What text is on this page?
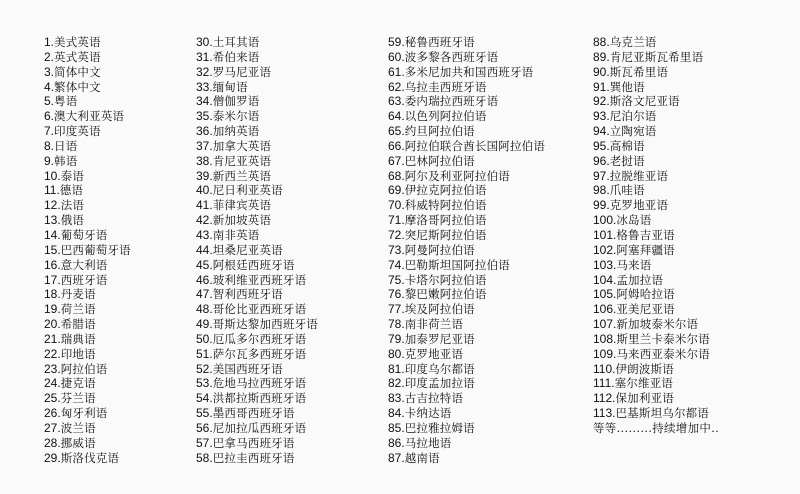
1.美式英语
2.英式英语
3.简体中文
4.繁体中文
5.粤语
6.澳大利亚英语
7.印度英语
8.日语
9.韩语
10.泰语
11.德语
12.法语
13.俄语
14.葡萄牙语
15.巴西葡萄牙语
16.意大利语
17.西班牙语
18.丹麦语
19.荷兰语
20.希腊语
21.瑞典语
22.印地语
23.阿拉伯语
24.捷克语
25.芬兰语
26.匈牙利语
27.波兰语
28.挪威语
29.斯洛伐克语
30.土耳其语
31.希伯来语
32.罗马尼亚语
33.缅甸语
34.僧伽罗语
35.泰米尔语
36.加纳英语
37.加拿大英语
38.肯尼亚英语
39.新西兰英语
40.尼日利亚英语
41.菲律宾英语
42.新加坡英语
43.南非英语
44.坦桑尼亚英语
45.阿根廷西班牙语
46.玻利维亚西班牙语
47.智利西班牙语
48.哥伦比亚西班牙语
49.哥斯达黎加西班牙语
50.厄瓜多尔西班牙语
51.萨尔瓦多西班牙语
52.美国西班牙语
53.危地马拉西班牙语
54.洪都拉斯西班牙语
55.墨西哥西班牙语
56.尼加拉瓜西班牙语
57.巴拿马西班牙语
58.巴拉圭西班牙语
59.秘鲁西班牙语
60.波多黎各西班牙语
61.多米尼加共和国西班牙语
62.乌拉圭西班牙语
63.委内瑞拉西班牙语
64.以色列阿拉伯语
65.约旦阿拉伯语
66.阿拉伯联合酋长国阿拉伯语
67.巴林阿拉伯语
68.阿尔及利亚阿拉伯语
69.伊拉克阿拉伯语
70.科威特阿拉伯语
71.摩洛哥阿拉伯语
72.突尼斯阿拉伯语
73.阿曼阿拉伯语
74.巴勒斯坦国阿拉伯语
75.卡塔尔阿拉伯语
76.黎巴嫩阿拉伯语
77.埃及阿拉伯语
78.南非荷兰语
79.加泰罗尼亚语
80.克罗地亚语
81.印度乌尔都语
82.印度孟加拉语
83.古吉拉特语
84.卡纳达语
85.巴拉雅拉姆语
86.马拉地语
87.越南语
88.乌克兰语
89.肯尼亚斯瓦希里语
90.斯瓦希里语
91.巽他语
92.斯洛文尼亚语
93.尼泊尔语
94.立陶宛语
95.高棉语
96.老挝语
97.拉脱维亚语
98.爪哇语
99.克罗地亚语
100.冰岛语
101.格鲁吉亚语
102.阿塞拜疆语
103.马来语
104.孟加拉语
105.阿姆哈拉语
106.亚美尼亚语
107.新加坡泰米尔语
108.斯里兰卡泰米尔语
109.马来西亚泰米尔语
110.伊朗波斯语
111.塞尔维亚语
112.保加利亚语
113.巴基斯坦乌尔都语
等等.........持续增加中..
